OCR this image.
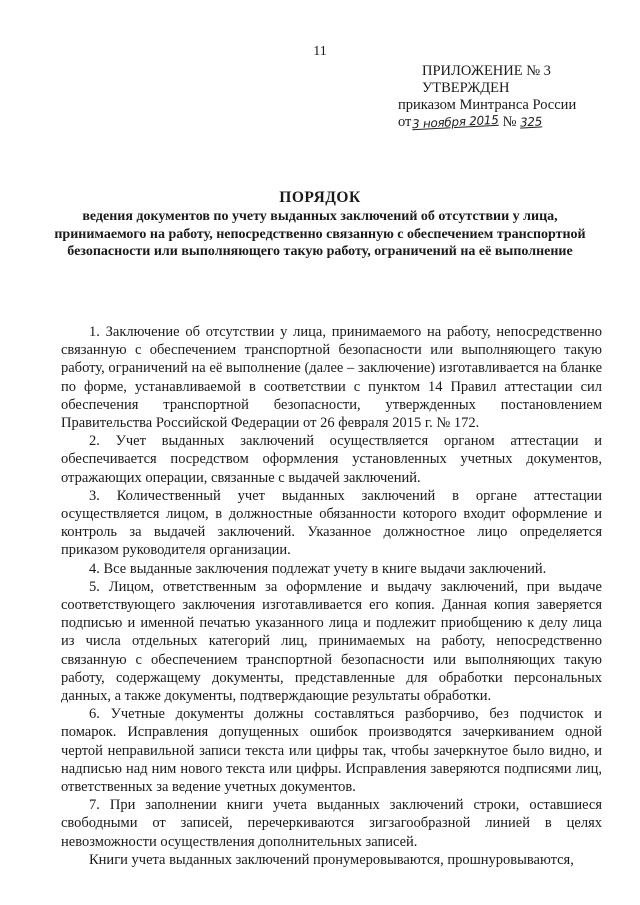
11
ПРИЛОЖЕНИЕ № 3
УТВЕРЖДЕН
приказом Минтранса России
от3 ноября 2015 № 325
ПОРЯДОК
ведения документов по учету выданных заключений об отсутствии у лица, принимаемого на работу, непосредственно связанную с обеспечением транспортной безопасности или выполняющего такую работу, ограничений на её выполнение

1. Заключение об отсутствии у лица, принимаемого на работу, непосредственно связанную с обеспечением транспортной безопасности или выполняющего такую работу, ограничений на её выполнение (далее – заключение) изготавливается на бланке по форме, устанавливаемой в соответствии с пунктом 14 Правил аттестации сил обеспечения транспортной безопасности, утвержденных постановлением Правительства Российской Федерации от 26 февраля 2015 г. № 172.

2. Учет выданных заключений осуществляется органом аттестации и обеспечивается посредством оформления установленных учетных документов, отражающих операции, связанные с выдачей заключений.

3. Количественный учет выданных заключений в органе аттестации осуществляется лицом, в должностные обязанности которого входит оформление и контроль за выдачей заключений. Указанное должностное лицо определяется приказом руководителя организации.

4. Все выданные заключения подлежат учету в книге выдачи заключений.

5. Лицом, ответственным за оформление и выдачу заключений, при выдаче соответствующего заключения изготавливается его копия. Данная копия заверяется подписью и именной печатью указанного лица и подлежит приобщению к делу лица из числа отдельных категорий лиц, принимаемых на работу, непосредственно связанную с обеспечением транспортной безопасности или выполняющих такую работу, содержащему документы, представленные для обработки персональных данных, а также документы, подтверждающие результаты обработки.

6. Учетные документы должны составляться разборчиво, без подчисток и помарок. Исправления допущенных ошибок производятся зачеркиванием одной чертой неправильной записи текста или цифры так, чтобы зачеркнутое было видно, и надписью над ним нового текста или цифры. Исправления заверяются подписями лиц, ответственных за ведение учетных документов.

7. При заполнении книги учета выданных заключений строки, оставшиеся свободными от записей, перечеркиваются зигзагообразной линией в целях невозможности осуществления дополнительных записей.

Книги учета выданных заключений пронумеровываются, прошнуровываются,
